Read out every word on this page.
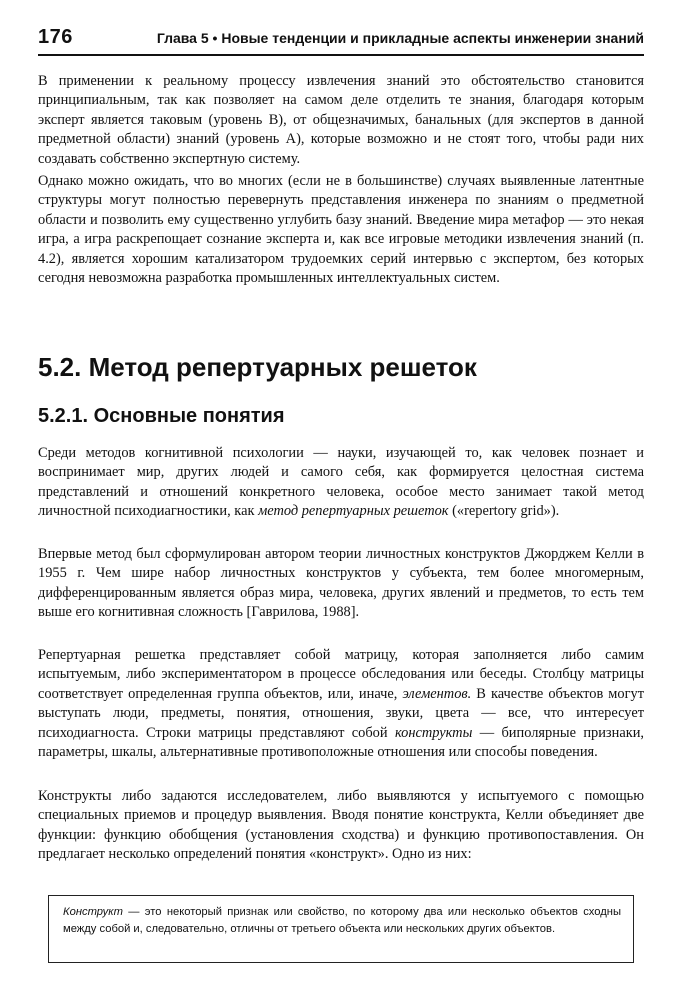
176	Глава 5 • Новые тенденции и прикладные аспекты инженерии знаний

В применении к реальному процессу извлечения знаний это обстоятельство становится принципиальным, так как позволяет на самом деле отделить те знания, благодаря которым эксперт является таковым (уровень В), от общезначимых, банальных (для экспертов в данной предметной области) знаний (уровень А), которые возможно и не стоят того, чтобы ради них создавать собственно экспертную систему.

Однако можно ожидать, что во многих (если не в большинстве) случаях выявленные латентные структуры могут полностью перевернуть представления инженера по знаниям о предметной области и позволить ему существенно углубить базу знаний. Введение мира метафор — это некая игра, а игра раскрепощает сознание эксперта и, как все игровые методики извлечения знаний (п. 4.2), является хорошим катализатором трудоемких серий интервью с экспертом, без которых сегодня невозможна разработка промышленных интеллектуальных систем.

5.2. Метод репертуарных решеток
5.2.1. Основные понятия

Среди методов когнитивной психологии — науки, изучающей то, как человек познает и воспринимает мир, других людей и самого себя, как формируется целостная система представлений и отношений конкретного человека, особое место занимает такой метод личностной психодиагностики, как метод репертуарных решеток («repertory grid»).

Впервые метод был сформулирован автором теории личностных конструктов Джорджем Келли в 1955 г. Чем шире набор личностных конструктов у субъекта, тем более многомерным, дифференцированным является образ мира, человека, других явлений и предметов, то есть тем выше его когнитивная сложность [Гаврилова, 1988].

Репертуарная решетка представляет собой матрицу, которая заполняется либо самим испытуемым, либо экспериментатором в процессе обследования или беседы. Столбцу матрицы соответствует определенная группа объектов, или, иначе, элементов. В качестве объектов могут выступать люди, предметы, понятия, отношения, звуки, цвета — все, что интересует психодиагноста. Строки матрицы представляют собой конструкты — биполярные признаки, параметры, шкалы, альтернативные противоположные отношения или способы поведения.

Конструкты либо задаются исследователем, либо выявляются у испытуемого с помощью специальных приемов и процедур выявления. Вводя понятие конструкта, Келли объединяет две функции: функцию обобщения (установления сходства) и функцию противопоставления. Он предлагает несколько определений понятия «конструкт». Одно из них:

Конструкт — это некоторый признак или свойство, по которому два или несколько объектов сходны между собой и, следовательно, отличны от третьего объекта или нескольких других объектов.
